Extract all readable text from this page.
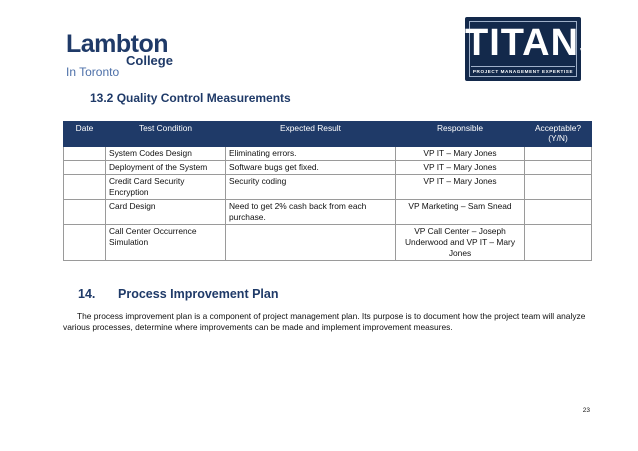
Lambton
College
In Toronto
TITANS
PROJECT MANAGEMENT EXPERTISE
13.2 Quality Control Measurements
Date	Test Condition	Expected Result	Responsible	Acceptable? (Y/N)
	System Codes Design	Eliminating errors.	VP IT – Mary Jones	
	Deployment of the System	Software bugs get fixed.	VP IT – Mary Jones	
	Credit Card Security Encryption	Security coding	VP IT – Mary Jones	
	Card Design	Need to get 2% cash back from each purchase.	VP Marketing – Sam Snead	
	Call Center Occurrence Simulation		VP Call Center – Joseph Underwood and VP IT – Mary Jones	
14. Process Improvement Plan
The process improvement plan is a component of project management plan. Its purpose is to document how the project team will analyze various processes, determine where improvements can be made and implement improvement measures.
23
